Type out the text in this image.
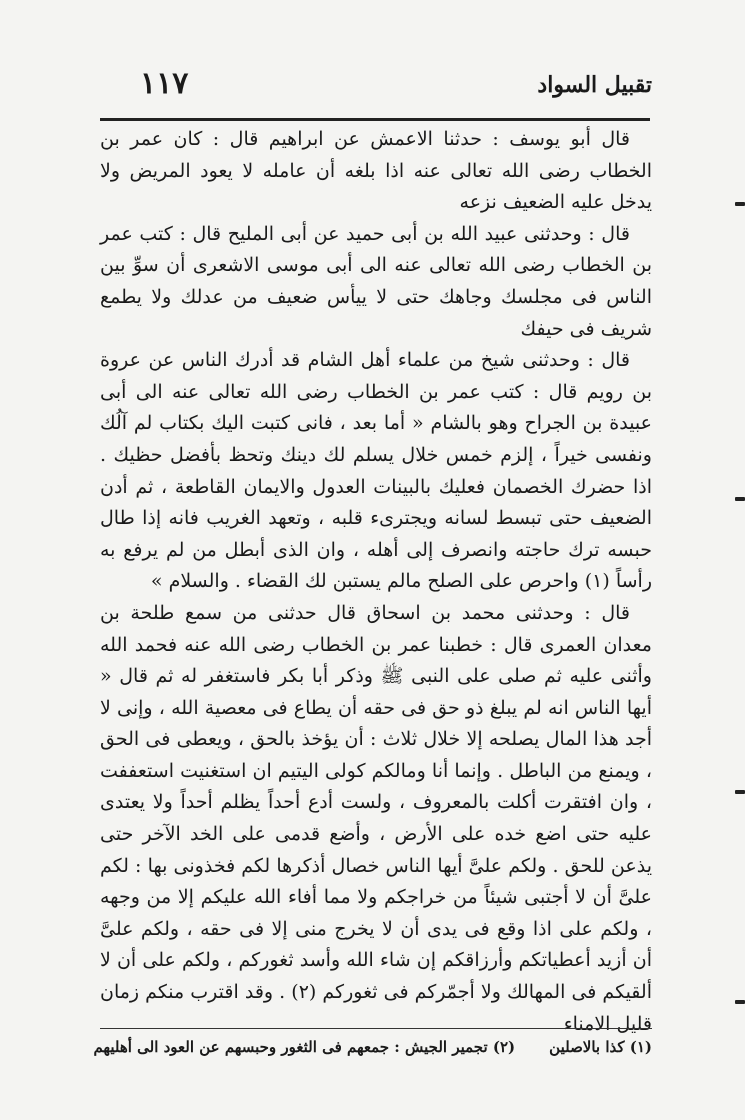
١١٧	تقبيل السواد

قال أبو يوسف : حدثنا الاعمش عن ابراهيم قال : كان عمر بن الخطاب رضى الله تعالى عنه اذا بلغه أن عامله لا يعود المريض ولا يدخل عليه الضعيف نزعه

قال : وحدثنى عبيد الله بن أبى حميد عن أبى المليح قال : كتب عمر بن الخطاب رضى الله تعالى عنه الى أبى موسى الاشعرى أن سوِّ بين الناس فى مجلسك وجاهك حتى لا ييأس ضعيف من عدلك ولا يطمع شريف فى حيفك

قال : وحدثنى شيخ من علماء أهل الشام قد أدرك الناس عن عروة بن رويم قال : كتب عمر بن الخطاب رضى الله تعالى عنه الى أبى عبيدة بن الجراح وهو بالشام « أما بعد ، فانى كتبت اليك بكتاب لم آلُك ونفسى خيراً ، إلزم خمس خلال يسلم لك دينك وتحظ بأفضل حظيك . اذا حضرك الخصمان فعليك بالبينات العدول والايمان القاطعة ، ثم أدن الضعيف حتى تبسط لسانه ويجترىء قلبه ، وتعهد الغريب فانه إذا طال حبسه ترك حاجته وانصرف إلى أهله ، وان الذى أبطل من لم يرفع به رأساً (١) واحرص على الصلح مالم يستبن لك القضاء . والسلام »

قال : وحدثنى محمد بن اسحاق قال حدثنى من سمع طلحة بن معدان العمرى قال : خطبنا عمر بن الخطاب رضى الله عنه فحمد الله وأثنى عليه ثم صلى على النبى ﷺ وذكر أبا بكر فاستغفر له ثم قال « أيها الناس انه لم يبلغ ذو حق فى حقه أن يطاع فى معصية الله ، وإنى لا أجد هذا المال يصلحه إلا خلال ثلاث : أن يؤخذ بالحق ، ويعطى فى الحق ، ويمنع من الباطل . وإنما أنا ومالكم كولى اليتيم ان استغنيت استعففت ، وان افتقرت أكلت بالمعروف ، ولست أدع أحداً يظلم أحداً ولا يعتدى عليه حتى اضع خده على الأرض ، وأضع قدمى على الخد الآخر حتى يذعن للحق . ولكم علىَّ أيها الناس خصال أذكرها لكم فخذونى بها : لكم علىَّ أن لا أجتبى شيئاً من خراجكم ولا مما أفاء الله عليكم إلا من وجهه ، ولكم على اذا وقع فى يدى أن لا يخرج منى إلا فى حقه ، ولكم علىَّ أن أزيد أعطياتكم وأرزاقكم إن شاء الله وأسد ثغوركم ، ولكم على أن لا ألقيكم فى المهالك ولا أجمّركم فى ثغوركم (٢) . وقد اقترب منكم زمان قليل الامناء

(١) كذا بالاصلين(٢) تجمير الجيش : جمعهم فى الثغور وحبسهم عن العود الى أهليهم
